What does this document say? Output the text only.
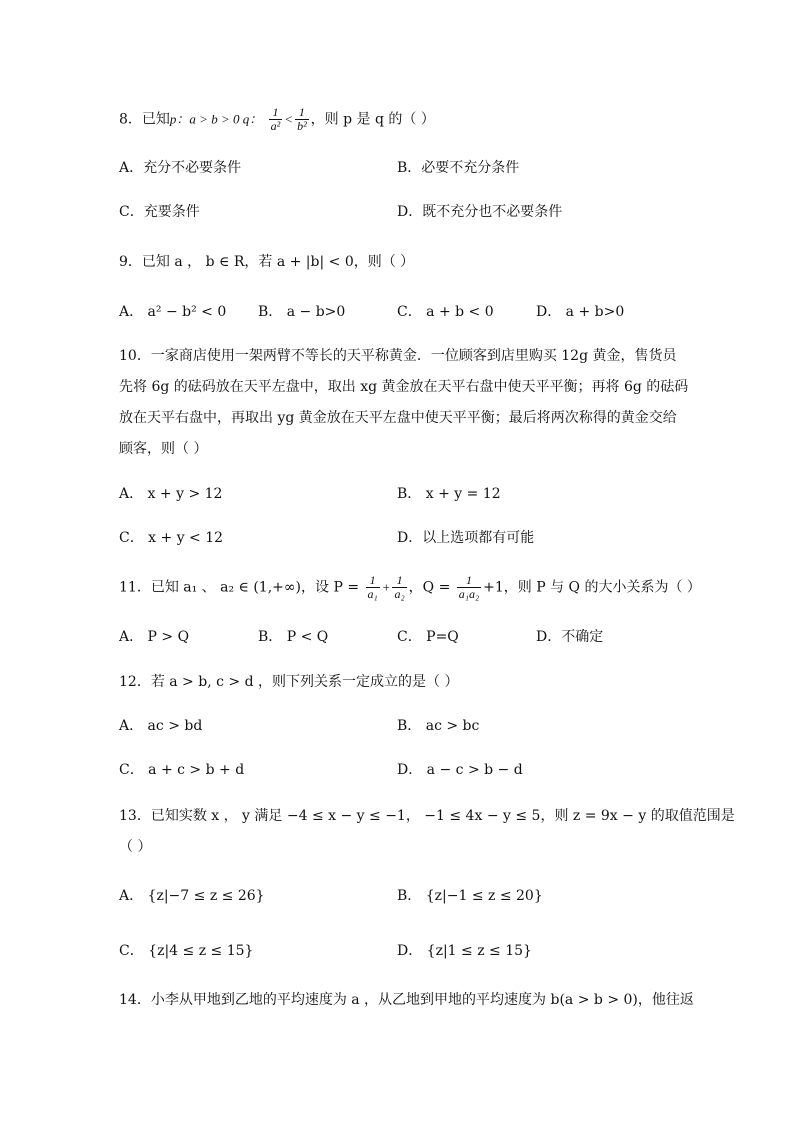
8．已知p：a > b > 0 q： $\frac{1}{\text{a²}} < \frac{1}{\text{b²}}$ ，则 p 是 q 的（ ）
A．充分不必要条件	B．必要不充分条件
C．充要条件	D．既不充分也不必要条件
9．已知 a ， b ∈ R，若 a + |b| < 0，则（ ）
A． a² − b² < 0 B． a − b>0	C． a + b < 0	D． a + b>0
10．一家商店使用一架两臂不等长的天平称黄金．一位顾客到店里购买 12g 黄金，售货员
先将 6g 的砝码放在天平左盘中，取出 xg 黄金放在天平右盘中使天平平衡；再将 6g 的砝码
放在天平右盘中，再取出 yg 黄金放在天平左盘中使天平平衡；最后将两次称得的黄金交给
顾客，则（ ）
A． x + y > 12	B． x + y = 12
C． x + y < 12	D．以上选项都有可能
11．已知 a₁ 、 a₂ ∈ (1,+∞)，设 $P = \frac{1}{\text{a₁}} + \frac{1}{\text{a₂}}$ ，$Q = \frac{1}{\text{a₁a₂}} +1$，则 P 与 Q 的大小关系为（ ）
A． P > Q	B． P < Q	C． P=Q	D．不确定
12．若 a > b, c > d ，则下列关系一定成立的是（ ）
A． ac > bd	B． ac > bc
C． a + c > b + d	D． a − c > b − d
13．已知实数 x ， y 满足 −4 ≤ x − y ≤ −1， −1 ≤ 4x − y ≤ 5，则 z = 9x − y 的取值范围是
（ ）
A． {z|−7 ≤ z ≤ 26}	B． {z|−1 ≤ z ≤ 20}
C． {z|4 ≤ z ≤ 15}	D． {z|1 ≤ z ≤ 15}
14．小李从甲地到乙地的平均速度为 a ，从乙地到甲地的平均速度为 b(a > b > 0)，他往返
